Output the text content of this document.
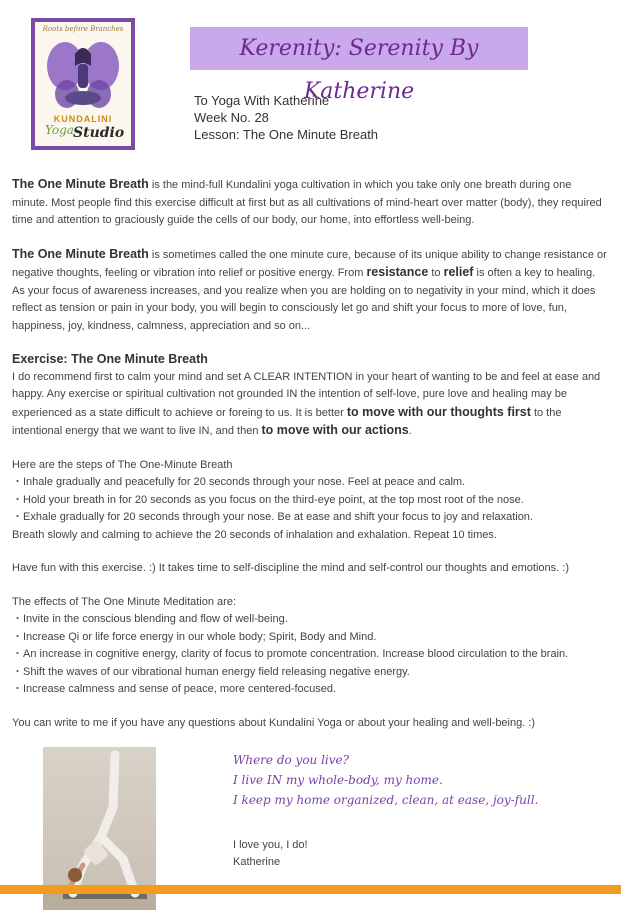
Roots before Branches
KUNDALINI
Yoga Studio
Kerenity: Serenity By Katherine
To Yoga With Katherine
Week No. 28
Lesson: The One Minute Breath

The One Minute Breath is the mind-full Kundalini yoga cultivation in which you take only one breath during one minute. Most people find this exercise difficult at first but as all cultivations of mind-heart over matter (body), they required time and attention to graciously guide the cells of our body, our home, into effortless well-being.

The One Minute Breath is sometimes called the one minute cure, because of its unique ability to change resistance or negative thoughts, feeling or vibration into relief or positive energy. From resistance to relief is often a key to healing. As your focus of awareness increases, and you realize when you are holding on to negativity in your mind, which it does reflect as tension or pain in your body, you will begin to consciously let go and shift your focus to more of love, fun, happiness, joy, kindness, calmness, appreciation and so on...

Exercise: The One Minute Breath

I do recommend first to calm your mind and set A CLEAR INTENTION in your heart of wanting to be and feel at ease and happy. Any exercise or spiritual cultivation not grounded IN the intention of self-love, pure love and healing may be experienced as a state difficult to achieve or foreing to us. It is better to move with our thoughts first to the intentional energy that we want to live IN, and then to move with our actions.

Here are the steps of The One-Minute Breath
・Inhale gradually and peacefully for 20 seconds through your nose. Feel at peace and calm.
・Hold your breath in for 20 seconds as you focus on the third-eye point, at the top most root of the nose.
・Exhale gradually for 20 seconds through your nose. Be at ease and shift your focus to joy and relaxation.
Breath slowly and calming to achieve the 20 seconds of inhalation and exhalation. Repeat 10 times.
Have fun with this exercise. :) It takes time to self-discipline the mind and self-control our thoughts and emotions. :)
The effects of The One Minute Meditation are:
・Invite in the conscious blending and flow of well-being.
・Increase Qi or life force energy in our whole body; Spirit, Body and Mind.
・An increase in cognitive energy, clarity of focus to promote concentration. Increase blood circulation to the brain.
・Shift the waves of our vibrational human energy field releasing negative energy.
・Increase calmness and sense of peace, more centered-focused.
You can write to me if you have any questions about Kundalini Yoga or about your healing and well-being. :)
Where do you live?
I live IN my whole-body, my home.
I keep my home organized, clean, at ease, joy-full.
I love you, I do!
Katherine
